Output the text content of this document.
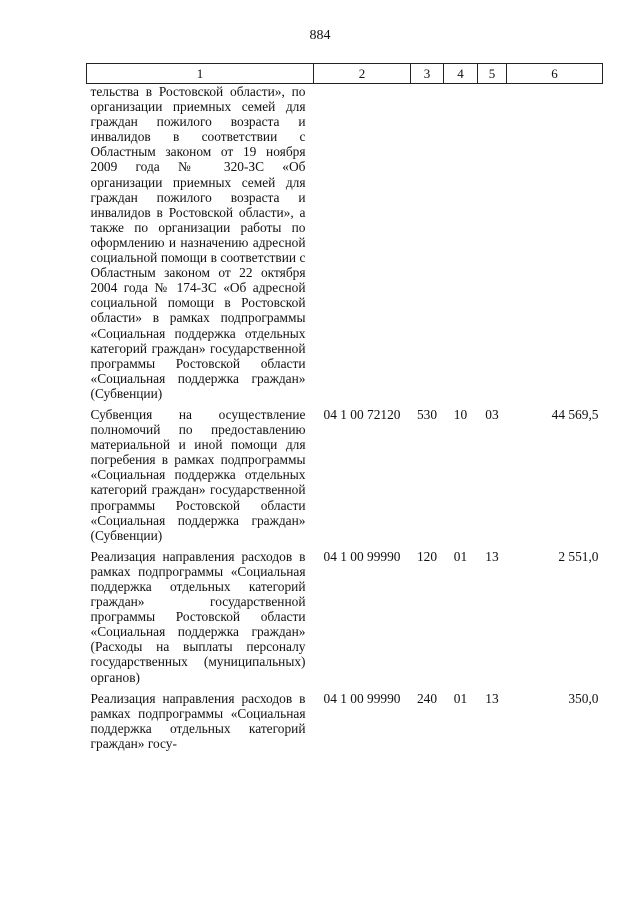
884
1	2	3	4	5	6
тельства в Ростовской области», по организации приемных семей для граждан пожилого возраста и инвалидов в соответствии с Областным законом от 19 ноября 2009 года № 320-ЗС «Об организации приемных семей для граждан пожилого возраста и инвалидов в Ростовской области», а также по организации работы по оформлению и назначению адресной социальной помощи в соответствии с Областным законом от 22 октября 2004 года № 174-ЗС «Об адресной социальной помощи в Ростовской области» в рамках подпрограммы «Социальная поддержка отдельных категорий граждан» государственной программы Ростовской области «Социальная поддержка граждан» (Субвенции)					
Субвенция на осуществление полномочий по предоставлению материальной и иной помощи для погребения в рамках подпрограммы «Социальная поддержка отдельных категорий граждан» государственной программы Ростовской области «Социальная поддержка граждан» (Субвенции)	04 1 00 72120	530	10	03	44 569,5
Реализация направления расходов в рамках подпрограммы «Социальная поддержка отдельных категорий граждан» государственной программы Ростовской области «Социальная поддержка граждан» (Расходы на выплаты персоналу государственных (муниципальных) органов)	04 1 00 99990	120	01	13	2 551,0
Реализация направления расходов в рамках подпрограммы «Социальная поддержка отдельных категорий граждан» госу-	04 1 00 99990	240	01	13	350,0
